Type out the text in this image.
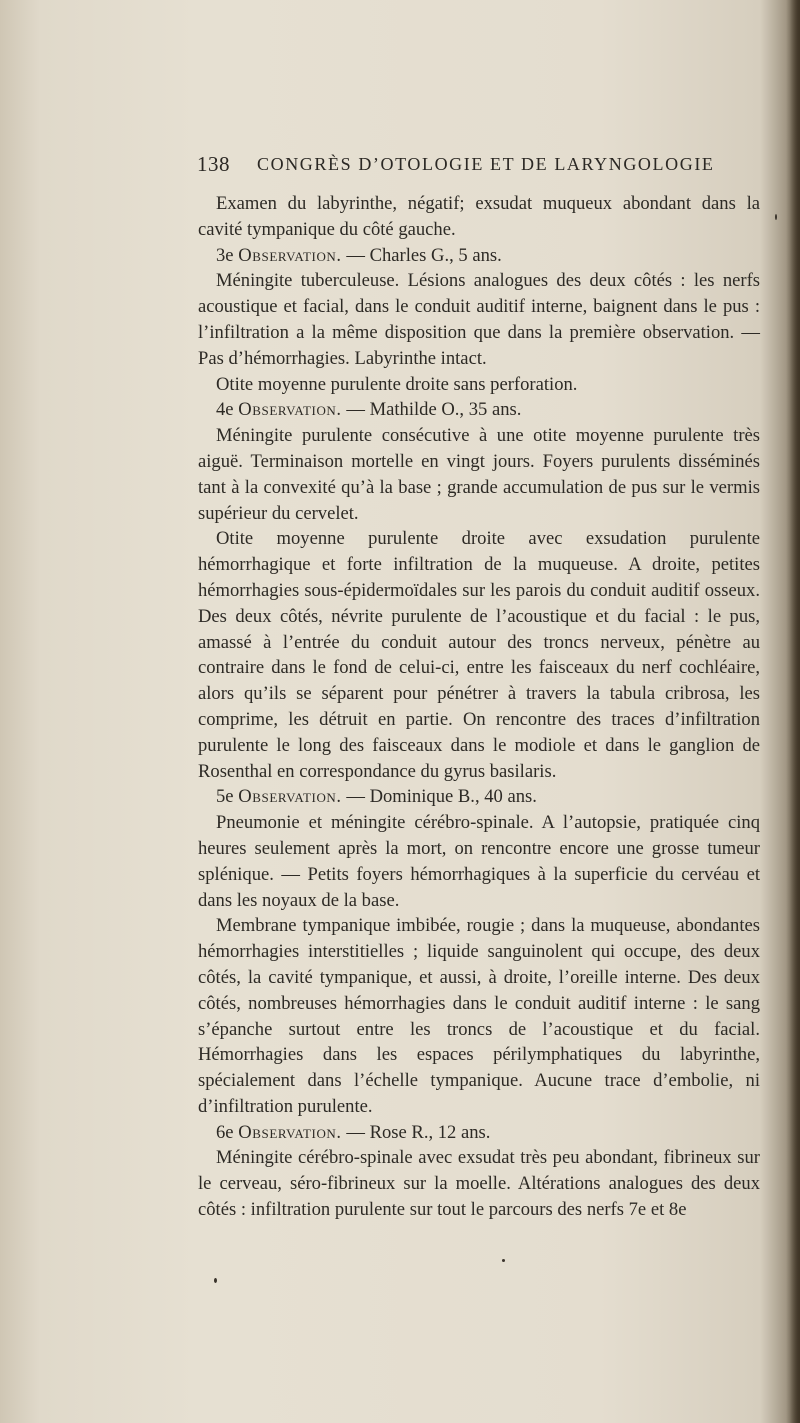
138 CONGRÈS D’OTOLOGIE ET DE LARYNGOLOGIE

Examen du labyrinthe, négatif; exsudat muqueux abondant dans la cavité tympanique du côté gauche.

3e Observation. — Charles G., 5 ans.

Méningite tuberculeuse. Lésions analogues des deux côtés : les nerfs acoustique et facial, dans le conduit auditif interne, baignent dans le pus : l’infiltration a la même disposition que dans la première observation. — Pas d’hémorrhagies. Labyrinthe intact.

Otite moyenne purulente droite sans perforation.

4e Observation. — Mathilde O., 35 ans.

Méningite purulente consécutive à une otite moyenne purulente très aiguë. Terminaison mortelle en vingt jours. Foyers purulents disséminés tant à la convexité qu’à la base ; grande accumulation de pus sur le vermis supérieur du cervelet.

Otite moyenne purulente droite avec exsudation purulente hémorrhagique et forte infiltration de la muqueuse. A droite, petites hémorrhagies sous-épidermoïdales sur les parois du conduit auditif osseux. Des deux côtés, névrite purulente de l’acoustique et du facial : le pus, amassé à l’entrée du conduit autour des troncs nerveux, pénètre au contraire dans le fond de celui-ci, entre les faisceaux du nerf cochléaire, alors qu’ils se séparent pour pénétrer à travers la tabula cribrosa, les comprime, les détruit en partie. On rencontre des traces d’infiltration purulente le long des faisceaux dans le modiole et dans le ganglion de Rosenthal en correspondance du gyrus basilaris.

5e Observation. — Dominique B., 40 ans.

Pneumonie et méningite cérébro-spinale. A l’autopsie, pratiquée cinq heures seulement après la mort, on rencontre encore une grosse tumeur splénique. — Petits foyers hémorrhagiques à la superficie du cervéau et dans les noyaux de la base.

Membrane tympanique imbibée, rougie ; dans la muqueuse, abondantes hémorrhagies interstitielles ; liquide sanguinolent qui occupe, des deux côtés, la cavité tympanique, et aussi, à droite, l’oreille interne. Des deux côtés, nombreuses hémorrhagies dans le conduit auditif interne : le sang s’épanche surtout entre les troncs de l’acoustique et du facial. Hémorrhagies dans les espaces périlymphatiques du labyrinthe, spécialement dans l’échelle tympanique. Aucune trace d’embolie, ni d’infiltration purulente.

6e Observation. — Rose R., 12 ans.

Méningite cérébro-spinale avec exsudat très peu abondant, fibrineux sur le cerveau, séro-fibrineux sur la moelle. Altérations analogues des deux côtés : infiltration purulente sur tout le parcours des nerfs 7e et 8e
